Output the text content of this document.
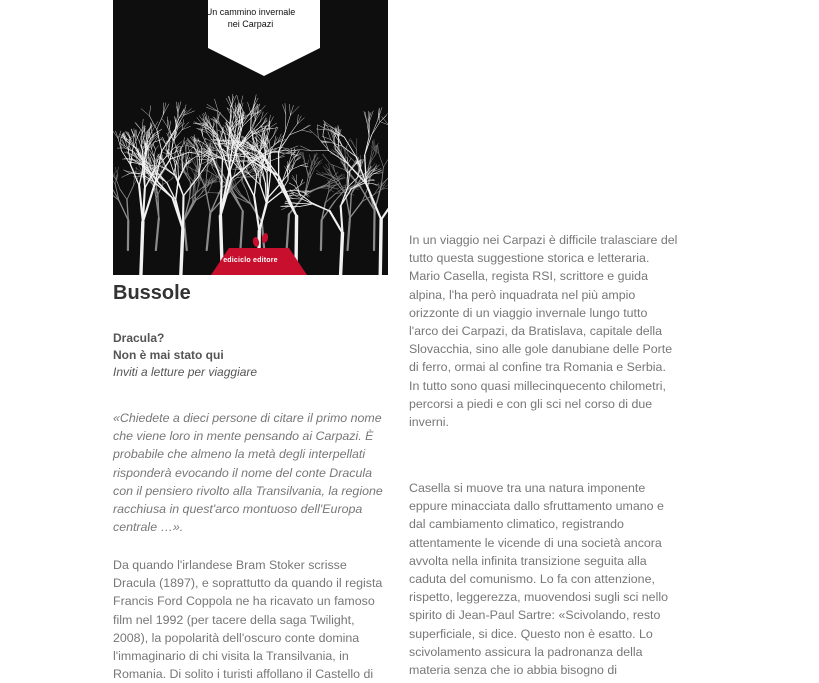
Un cammino invernale
nei Carpazi
ediciclo editore
Bussole
Dracula?
Non è mai stato qui
Inviti a letture per viaggiare
«Chiedete a dieci persone di citare il primo nome
che viene loro in mente pensando ai Carpazi. È
probabile che almeno la metà degli interpellati
risponderà evocando il nome del conte Dracula
con il pensiero rivolto alla Transilvania, la regione
racchiusa in quest'arco montuoso dell'Europa
centrale …».
Da quando l'irlandese Bram Stoker scrisse
Dracula (1897), e soprattutto da quando il regista
Francis Ford Coppola ne ha ricavato un famoso
film nel 1992 (per tacere della saga Twilight,
2008), la popolarità dell'oscuro conte domina
l'immaginario di chi visita la Transilvania, in
Romania. Di solito i turisti affollano il Castello di
In un viaggio nei Carpazi è difficile tralasciare del
tutto questa suggestione storica e letteraria.
Mario Casella, regista RSI, scrittore e guida
alpina, l'ha però inquadrata nel più ampio
orizzonte di un viaggio invernale lungo tutto
l'arco dei Carpazi, da Bratislava, capitale della
Slovacchia, sino alle gole danubiane delle Porte
di ferro, ormai al confine tra Romania e Serbia.
In tutto sono quasi millecinquecento chilometri,
percorsi a piedi e con gli sci nel corso di due
inverni.
Casella si muove tra una natura imponente
eppure minacciata dallo sfruttamento umano e
dal cambiamento climatico, registrando
attentamente le vicende di una società ancora
avvolta nella infinita transizione seguita alla
caduta del comunismo. Lo fa con attenzione,
rispetto, leggerezza, muovendosi sugli sci nello
spirito di Jean-Paul Sartre: «Scivolando, resto
superficiale, si dice. Questo non è esatto. Lo
scivolamento assicura la padronanza della
materia senza che io abbia bisogno di
